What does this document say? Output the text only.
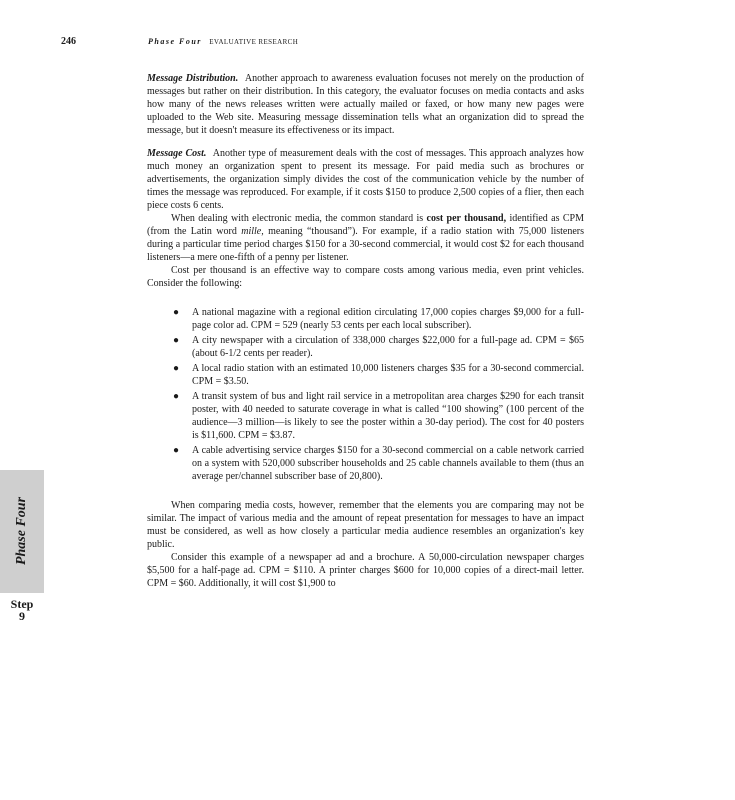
246	Phase Four EVALUATIVE RESEARCH

Message Distribution. Another approach to awareness evaluation focuses not merely on the production of messages but rather on their distribution. In this category, the evaluator focuses on media contacts and asks how many of the news releases written were actually mailed or faxed, or how many new pages were uploaded to the Web site. Measuring message dissemination tells what an organization did to spread the message, but it doesn't measure its effectiveness or its impact.

Message Cost. Another type of measurement deals with the cost of messages. This approach analyzes how much money an organization spent to present its message. For paid media such as brochures or advertisements, the organization simply divides the cost of the communication vehicle by the number of times the message was reproduced. For example, if it costs $150 to produce 2,500 copies of a flier, then each piece costs 6 cents.

When dealing with electronic media, the common standard is cost per thousand, identified as CPM (from the Latin word mille, meaning “thousand”). For example, if a radio station with 75,000 listeners during a particular time period charges $150 for a 30-second commercial, it would cost $2 for each thousand listeners—a mere one-fifth of a penny per listener.

Cost per thousand is an effective way to compare costs among various media, even print vehicles. Consider the following:

● A national magazine with a regional edition circulating 17,000 copies charges $9,000 for a full-page color ad. CPM = 529 (nearly 53 cents per each local subscriber).
● A city newspaper with a circulation of 338,000 charges $22,000 for a full-page ad. CPM = $65 (about 6-1/2 cents per reader).
● A local radio station with an estimated 10,000 listeners charges $35 for a 30-second commercial. CPM = $3.50.
● A transit system of bus and light rail service in a metropolitan area charges $290 for each transit poster, with 40 needed to saturate coverage in what is called “100 showing” (100 percent of the audience—3 million—is likely to see the poster within a 30-day period). The cost for 40 posters is $11,600. CPM = $3.87.
● A cable advertising service charges $150 for a 30-second commercial on a cable network carried on a system with 520,000 subscriber households and 25 cable channels available to them (thus an average per/channel subscriber base of 20,800).

When comparing media costs, however, remember that the elements you are comparing may not be similar. The impact of various media and the amount of repeat presentation for messages to have an impact must be considered, as well as how closely a particular media audience resembles an organization's key public.

Consider this example of a newspaper ad and a brochure. A 50,000-circulation newspaper charges $5,500 for a half-page ad. CPM = $110. A printer charges $600 for 10,000 copies of a direct-mail letter. CPM = $60. Additionally, it will cost $1,900 to

Phase Four
Step
9
